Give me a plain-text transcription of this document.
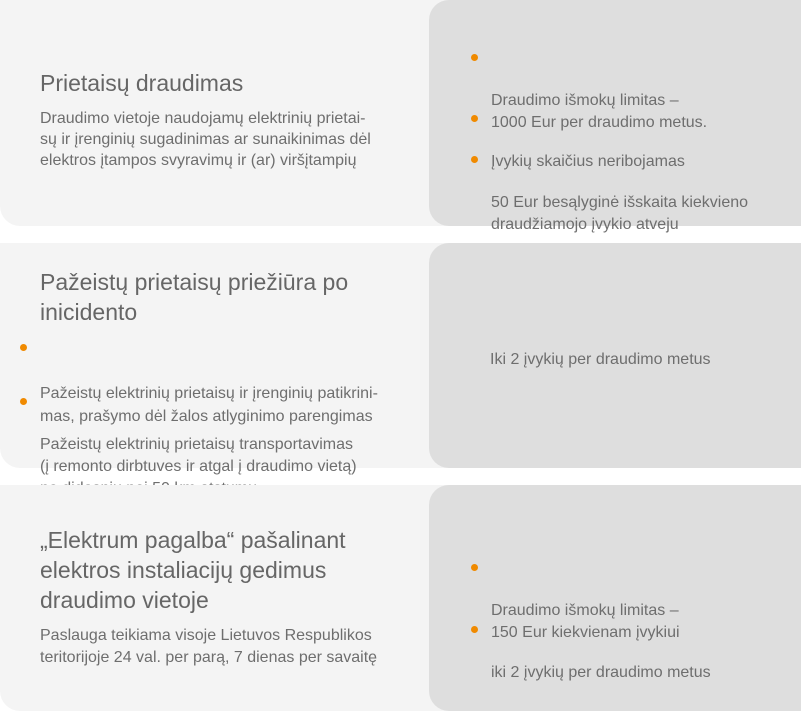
Draudimo išmokų limitas –
1000 Eur per draudimo metus.

Įvykių skaičius neribojamas

50 Eur besąlyginė išskaita kiekvieno
draudžiamojo įvykio atveju

Prietaisų draudimas
Draudimo vietoje naudojamų elektrinių prietai-
sų ir įrenginių sugadinimas ar sunaikinimas dėl
elektros įtampos svyravimų ir (ar) viršįtampių
Iki 2 įvykių per draudimo metus
Pažeistų prietaisų priežiūra po
inicidento

Pažeistų elektrinių prietaisų ir įrenginių patikrini-
mas, prašymo dėl žalos atlyginimo parengimas

Pažeistų elektrinių prietaisų transportavimas
(į remonto dirbtuves ir atgal į draudimo vietą)

Draudimo išmokų limitas –
150 Eur kiekvienam įvykiui

iki 2 įvykių per draudimo metus

„Elektrum pagalba“ pašalinant
elektros instaliacijų gedimus
draudimo vietoje
Paslauga teikiama visoje Lietuvos Respublikos
teritorijoje 24 val. per parą, 7 dienas per savaitę
